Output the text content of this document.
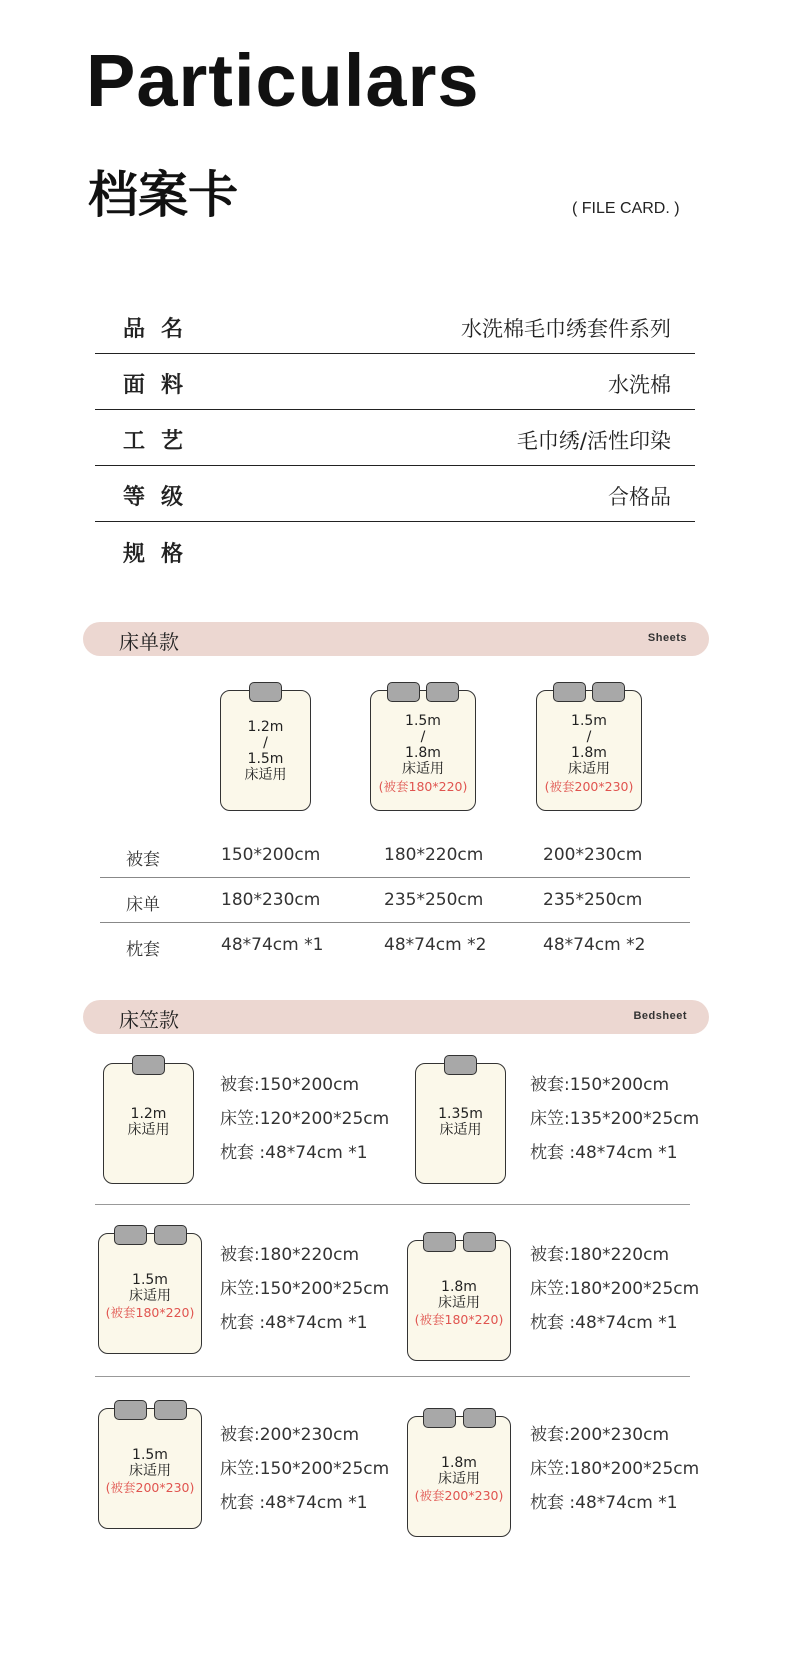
Particulars
档案卡	( FILE CARD. )
品名	水洗棉毛巾绣套件系列
面料	水洗棉
工艺	毛巾绣/活性印染
等级	合格品
规格
床单款	Sheets
1.2m
/
1.5m
床适用
1.5m
/
1.8m
床适用
(被套180*220)
1.5m
/
1.8m
床适用
(被套200*230)
被套	150*200cm	180*220cm	200*230cm
床单	180*230cm	235*250cm	235*250cm
枕套	48*74cm *1	48*74cm *2	48*74cm *2
床笠款	Bedsheet
1.2m
床适用
被套:150*200cm
床笠:120*200*25cm
枕套 :48*74cm *1
1.35m
床适用
被套:150*200cm
床笠:135*200*25cm
枕套 :48*74cm *1
1.5m
床适用
(被套180*220)
被套:180*220cm
床笠:150*200*25cm
枕套 :48*74cm *1
1.8m
床适用
(被套180*220)
被套:180*220cm
床笠:180*200*25cm
枕套 :48*74cm *1
1.5m
床适用
(被套200*230)
被套:200*230cm
床笠:150*200*25cm
枕套 :48*74cm *1
1.8m
床适用
(被套200*230)
被套:200*230cm
床笠:180*200*25cm
枕套 :48*74cm *1
